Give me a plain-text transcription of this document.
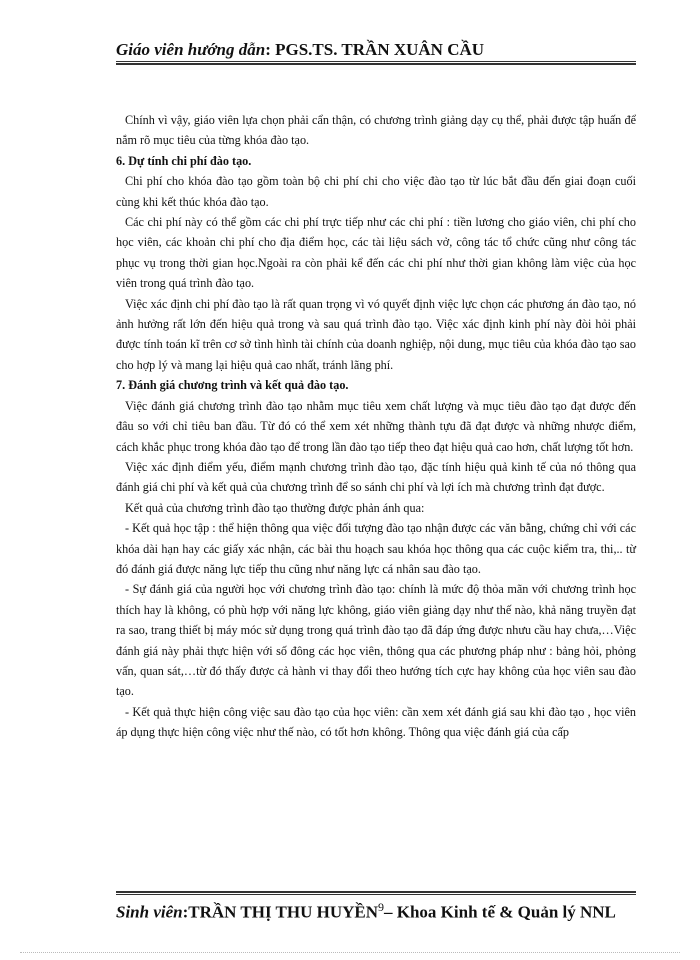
Giáo viên hướng dẫn: PGS.TS. TRẦN XUÂN CẦU

Chính vì vậy, giáo viên lựa chọn phải cẩn thận, có chương trình giảng dạy cụ thể, phải được tập huấn để nắm rõ mục tiêu của từng khóa đào tạo.

6. Dự tính chi phí đào tạo.

Chi phí cho khóa đào tạo gồm toàn bộ chi phí chi cho việc đào tạo từ lúc bắt đầu đến giai đoạn cuối cùng khi kết thúc khóa đào tạo.

Các chi phí này có thể gồm các chi phí trực tiếp như các chi phí : tiền lương cho giáo viên, chi phí cho học viên, các khoản chi phí cho địa điểm học, các tài liệu sách vở, công tác tổ chức cũng như công tác phục vụ trong thời gian học.Ngoài ra còn phải kể đến các chi phí như thời gian không làm việc của học viên trong quá trình đào tạo.

Việc xác định chi phí đào tạo là rất quan trọng vì vó quyết định việc lực chọn các phương án đào tạo, nó ảnh hưởng rất lớn đến hiệu quả trong và sau quá trình đào tạo. Việc xác định kinh phí này đòi hỏi phải được tính toán kĩ trên cơ sở tình hình tài chính của doanh nghiệp, nội dung, mục tiêu của khóa đào tạo sao cho hợp lý và mang lại hiệu quả cao nhất, tránh lãng phí.

7. Đánh giá chương trình và kết quả đào tạo.

Việc đánh giá chương trình đào tạo nhằm mục tiêu xem chất lượng và mục tiêu đào tạo đạt được đến đâu so với chỉ tiêu ban đầu. Từ đó có thể xem xét những thành tựu đã đạt được và những nhược điểm, cách khắc phục trong khóa đào tạo để trong lần đào tạo tiếp theo đạt hiệu quả cao hơn, chất lượng tốt hơn.

Việc xác định điểm yếu, điểm mạnh chương trình đào tạo, đặc tính hiệu quả kinh tế của nó thông qua đánh giá chi phí và kết quả của chương trình để so sánh chi phí và lợi ích mà chương trình đạt được.

Kết quả của chương trình đào tạo thường được phản ánh qua:

- Kết quả học tập : thể hiện thông qua việc đối tượng đào tạo nhận được các văn bằng, chứng chỉ với các khóa dài hạn hay các giấy xác nhận, các bài thu hoạch sau khóa học thông qua các cuộc kiểm tra, thi,.. từ đó đánh giá được năng lực tiếp thu cũng như năng lực cá nhân sau đào tạo.

- Sự đánh giá của người học với chương trình đào tạo: chính là mức độ thỏa mãn với chương trình học thích hay là không, có phù hợp với năng lực không, giáo viên giảng dạy như thế nào, khả năng truyền đạt ra sao, trang thiết bị máy móc sử dụng trong quá trình đào tạo đã đáp ứng được nhưu cầu hay chưa,…Việc đánh giá này phải thực hiện với số đông các học viên, thông qua các phương pháp như : bảng hỏi, phỏng vấn, quan sát,…từ đó thấy được cả hành vi thay đổi theo hướng tích cực hay không của học viên sau đào tạo.

- Kết quả thực hiện công việc sau đào tạo của học viên: cần xem xét đánh giá sau khi đào tạo , học viên áp dụng thực hiện công việc như thế nào, có tốt hơn không. Thông qua việc đánh giá của cấp

Sinh viên:TRẦN THỊ THU HUYỀN$^9$– Khoa Kinh tế & Quản lý NNL
